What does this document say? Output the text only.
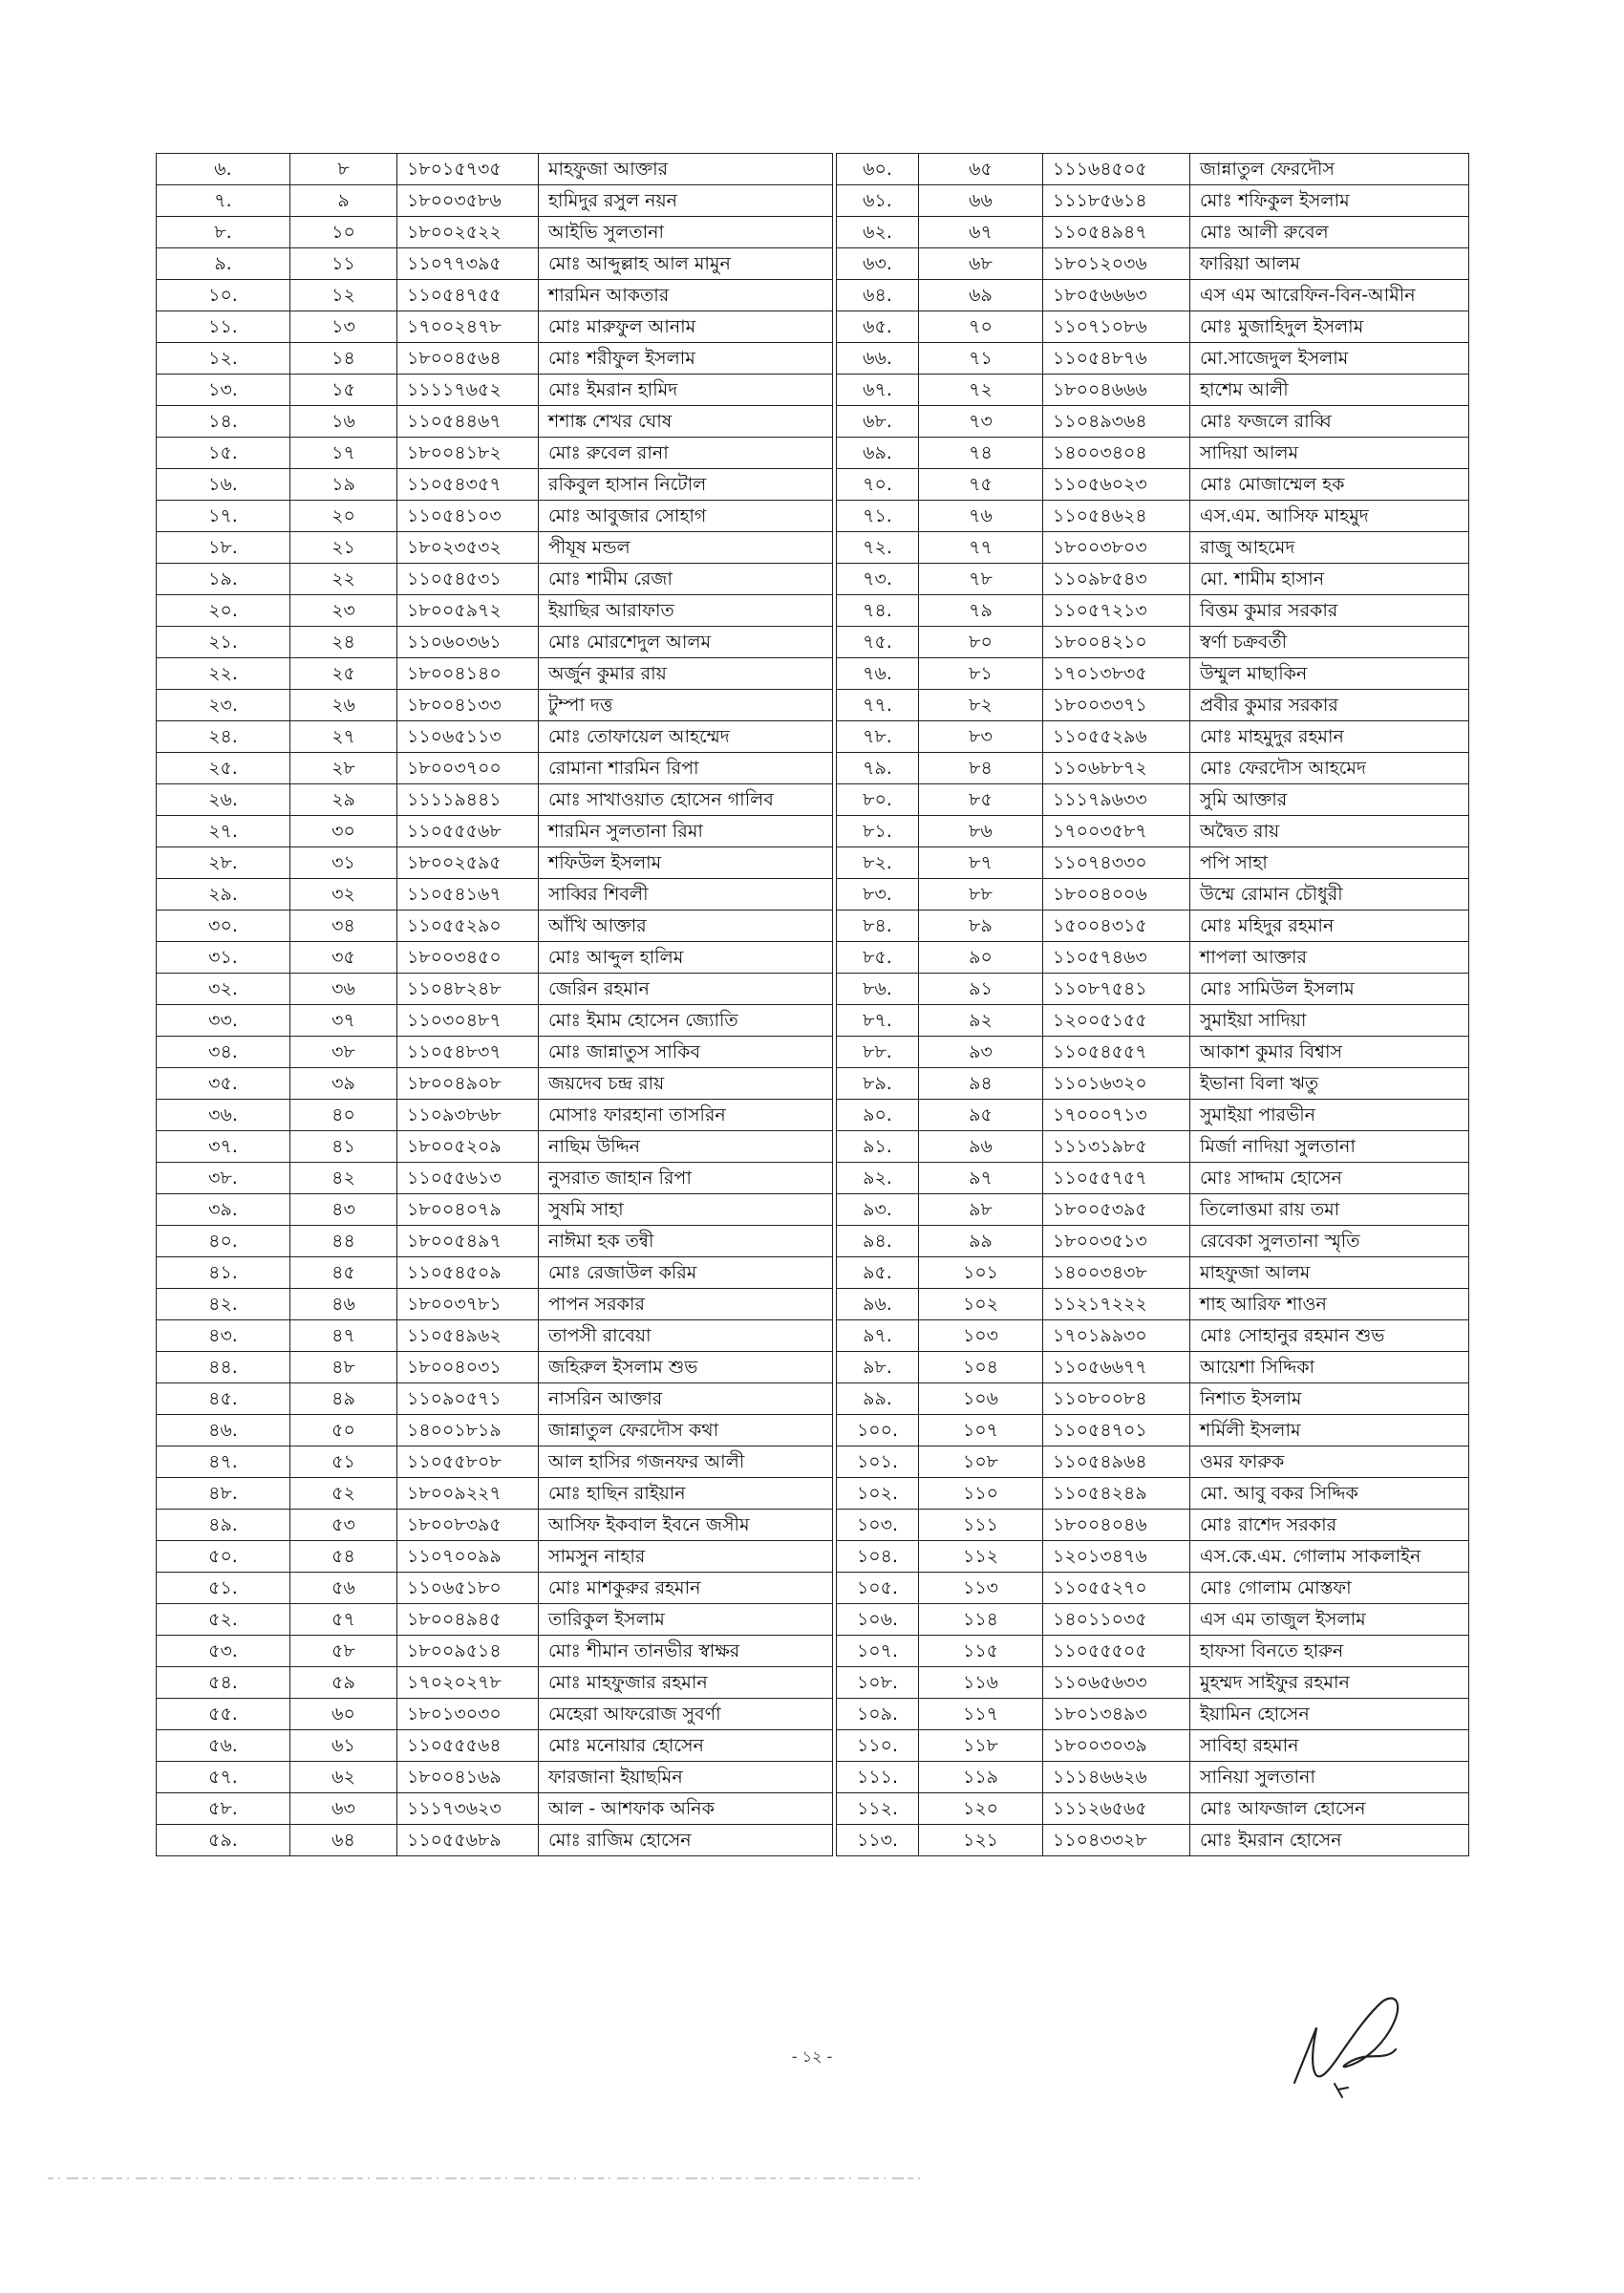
৬.	৮	১৮০১৫৭৩৫	মাহফুজা আক্তার
৭.	৯	১৮০০৩৫৮৬	হামিদুর রসুল নয়ন
৮.	১০	১৮০০২৫২২	আইভি সুলতানা
৯.	১১	১১০৭৭৩৯৫	মোঃ আব্দুল্লাহ আল মামুন
১০.	১২	১১০৫৪৭৫৫	শারমিন আকতার
১১.	১৩	১৭০০২৪৭৮	মোঃ মারুফুল আনাম
১২.	১৪	১৮০০৪৫৬৪	মোঃ শরীফুল ইসলাম
১৩.	১৫	১১১১৭৬৫২	মোঃ ইমরান হামিদ
১৪.	১৬	১১০৫৪৪৬৭	শশাঙ্ক শেখর ঘোষ
১৫.	১৭	১৮০০৪১৮২	মোঃ রুবেল রানা
১৬.	১৯	১১০৫৪৩৫৭	রকিবুল হাসান নিটোল
১৭.	২০	১১০৫৪১০৩	মোঃ আবুজার সোহাগ
১৮.	২১	১৮০২৩৫৩২	পীযূষ মন্ডল
১৯.	২২	১১০৫৪৫৩১	মোঃ শামীম রেজা
২০.	২৩	১৮০০৫৯৭২	ইয়াছির আরাফাত
২১.	২৪	১১০৬০৩৬১	মোঃ মোরশেদুল আলম
২২.	২৫	১৮০০৪১৪০	অর্জুন কুমার রায়
২৩.	২৬	১৮০০৪১৩৩	টুম্পা দত্ত
২৪.	২৭	১১০৬৫১১৩	মোঃ তোফায়েল আহম্মেদ
২৫.	২৮	১৮০০৩৭০০	রোমানা শারমিন রিপা
২৬.	২৯	১১১১৯৪৪১	মোঃ সাখাওয়াত হোসেন গালিব
২৭.	৩০	১১০৫৫৫৬৮	শারমিন সুলতানা রিমা
২৮.	৩১	১৮০০২৫৯৫	শফিউল ইসলাম
২৯.	৩২	১১০৫৪১৬৭	সাব্বির শিবলী
৩০.	৩৪	১১০৫৫২৯০	আঁখি আক্তার
৩১.	৩৫	১৮০০৩৪৫০	মোঃ আব্দুল হালিম
৩২.	৩৬	১১০৪৮২৪৮	জেরিন রহমান
৩৩.	৩৭	১১০৩০৪৮৭	মোঃ ইমাম হোসেন জ্যোতি
৩৪.	৩৮	১১০৫৪৮৩৭	মোঃ জান্নাতুস সাকিব
৩৫.	৩৯	১৮০০৪৯০৮	জয়দেব চন্দ্র রায়
৩৬.	৪০	১১০৯৩৮৬৮	মোসাঃ ফারহানা তাসরিন
৩৭.	৪১	১৮০০৫২০৯	নাছিম উদ্দিন
৩৮.	৪২	১১০৫৫৬১৩	নুসরাত জাহান রিপা
৩৯.	৪৩	১৮০০৪০৭৯	সুষমি সাহা
৪০.	৪৪	১৮০০৫৪৯৭	নাঈমা হক তন্বী
৪১.	৪৫	১১০৫৪৫০৯	মোঃ রেজাউল করিম
৪২.	৪৬	১৮০০৩৭৮১	পাপন সরকার
৪৩.	৪৭	১১০৫৪৯৬২	তাপসী রাবেয়া
৪৪.	৪৮	১৮০০৪০৩১	জহিরুল ইসলাম শুভ
৪৫.	৪৯	১১০৯০৫৭১	নাসরিন আক্তার
৪৬.	৫০	১৪০০১৮১৯	জান্নাতুল ফেরদৌস কথা
৪৭.	৫১	১১০৫৫৮০৮	আল হাসির গজনফর আলী
৪৮.	৫২	১৮০০৯২২৭	মোঃ হাছিন রাইয়ান
৪৯.	৫৩	১৮০০৮৩৯৫	আসিফ ইকবাল ইবনে জসীম
৫০.	৫৪	১১০৭০০৯৯	সামসুন নাহার
৫১.	৫৬	১১০৬৫১৮০	মোঃ মাশকুরুর রহমান
৫২.	৫৭	১৮০০৪৯৪৫	তারিকুল ইসলাম
৫৩.	৫৮	১৮০০৯৫১৪	মোঃ শীমান তানভীর স্বাক্ষর
৫৪.	৫৯	১৭০২০২৭৮	মোঃ মাহফুজার রহমান
৫৫.	৬০	১৮০১৩০৩০	মেহেরা আফরোজ সুবর্ণা
৫৬.	৬১	১১০৫৫৫৬৪	মোঃ মনোয়ার হোসেন
৫৭.	৬২	১৮০০৪১৬৯	ফারজানা ইয়াছমিন
৫৮.	৬৩	১১১৭৩৬২৩	আল - আশফাক অনিক
৫৯.	৬৪	১১০৫৫৬৮৯	মোঃ রাজিম হোসেন
৬০.	৬৫	১১১৬৪৫০৫	জান্নাতুল ফেরদৌস
৬১.	৬৬	১১১৮৫৬১৪	মোঃ শফিকুল ইসলাম
৬২.	৬৭	১১০৫৪৯৪৭	মোঃ আলী রুবেল
৬৩.	৬৮	১৮০১২০৩৬	ফারিয়া আলম
৬৪.	৬৯	১৮০৫৬৬৬৩	এস এম আরেফিন-বিন-আমীন
৬৫.	৭০	১১০৭১০৮৬	মোঃ মুজাহিদুল ইসলাম
৬৬.	৭১	১১০৫৪৮৭৬	মো.সাজেদুল ইসলাম
৬৭.	৭২	১৮০০৪৬৬৬	হাশেম আলী
৬৮.	৭৩	১১০৪৯৩৬৪	মোঃ ফজলে রাব্বি
৬৯.	৭৪	১৪০০৩৪০৪	সাদিয়া আলম
৭০.	৭৫	১১০৫৬০২৩	মোঃ মোজাম্মেল হক
৭১.	৭৬	১১০৫৪৬২৪	এস.এম. আসিফ মাহমুদ
৭২.	৭৭	১৮০০৩৮০৩	রাজু আহমেদ
৭৩.	৭৮	১১০৯৮৫৪৩	মো. শামীম হাসান
৭৪.	৭৯	১১০৫৭২১৩	বিত্তম কুমার সরকার
৭৫.	৮০	১৮০০৪২১০	স্বর্ণা চক্রবর্তী
৭৬.	৮১	১৭০১৩৮৩৫	উম্মুল মাছাকিন
৭৭.	৮২	১৮০০৩৩৭১	প্রবীর কুমার সরকার
৭৮.	৮৩	১১০৫৫২৯৬	মোঃ মাহমুদুর রহমান
৭৯.	৮৪	১১০৬৮৮৭২	মোঃ ফেরদৌস আহমেদ
৮০.	৮৫	১১১৭৯৬৩৩	সুমি আক্তার
৮১.	৮৬	১৭০০৩৫৮৭	অদ্বৈত রায়
৮২.	৮৭	১১০৭৪৩৩০	পপি সাহা
৮৩.	৮৮	১৮০০৪০০৬	উম্মে রোমান চৌধুরী
৮৪.	৮৯	১৫০০৪৩১৫	মোঃ মহিদুর রহমান
৮৫.	৯০	১১০৫৭৪৬৩	শাপলা আক্তার
৮৬.	৯১	১১০৮৭৫৪১	মোঃ সামিউল ইসলাম
৮৭.	৯২	১২০০৫১৫৫	সুমাইয়া সাদিয়া
৮৮.	৯৩	১১০৫৪৫৫৭	আকাশ কুমার বিশ্বাস
৮৯.	৯৪	১১০১৬৩২০	ইভানা বিলা ঋতু
৯০.	৯৫	১৭০০০৭১৩	সুমাইয়া পারভীন
৯১.	৯৬	১১১৩১৯৮৫	মির্জা নাদিয়া সুলতানা
৯২.	৯৭	১১০৫৫৭৫৭	মোঃ সাদ্দাম হোসেন
৯৩.	৯৮	১৮০০৫৩৯৫	তিলোত্তমা রায় তমা
৯৪.	৯৯	১৮০০৩৫১৩	রেবেকা সুলতানা স্মৃতি
৯৫.	১০১	১৪০০৩৪৩৮	মাহফুজা আলম
৯৬.	১০২	১১২১৭২২২	শাহ আরিফ শাওন
৯৭.	১০৩	১৭০১৯৯৩০	মোঃ সোহানুর রহমান শুভ
৯৮.	১০৪	১১০৫৬৬৭৭	আয়েশা সিদ্দিকা
৯৯.	১০৬	১১০৮০০৮৪	নিশাত ইসলাম
১০০.	১০৭	১১০৫৪৭০১	শর্মিলী ইসলাম
১০১.	১০৮	১১০৫৪৯৬৪	ওমর ফারুক
১০২.	১১০	১১০৫৪২৪৯	মো. আবু বকর সিদ্দিক
১০৩.	১১১	১৮০০৪০৪৬	মোঃ রাশেদ সরকার
১০৪.	১১২	১২০১৩৪৭৬	এস.কে.এম. গোলাম সাকলাইন
১০৫.	১১৩	১১০৫৫২৭০	মোঃ গোলাম মোস্তফা
১০৬.	১১৪	১৪০১১০৩৫	এস এম তাজুল ইসলাম
১০৭.	১১৫	১১০৫৫৫০৫	হাফসা বিনতে হারুন
১০৮.	১১৬	১১০৬৫৬৩৩	মুহম্মদ সাইফুর রহমান
১০৯.	১১৭	১৮০১৩৪৯৩	ইয়ামিন হোসেন
১১০.	১১৮	১৮০০৩০৩৯	সাবিহা রহমান
১১১.	১১৯	১১১৪৬৬২৬	সানিয়া সুলতানা
১১২.	১২০	১১১২৬৫৬৫	মোঃ আফজাল হোসেন
১১৩.	১২১	১১০৪৩৩২৮	মোঃ ইমরান হোসেন
- ১২ -
